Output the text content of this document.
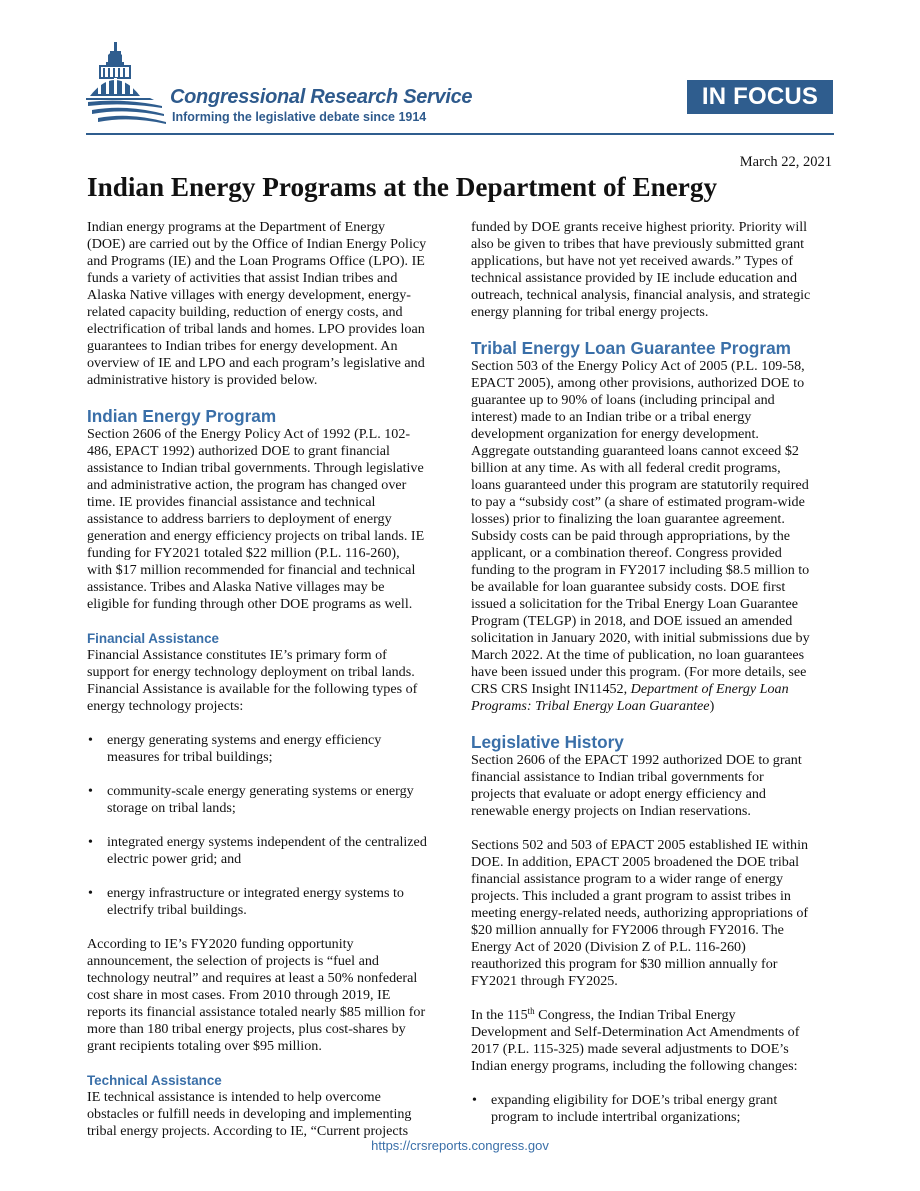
Congressional Research Service
Informing the legislative debate since 1914
IN FOCUS
March 22, 2021
Indian Energy Programs at the Department of Energy

Indian energy programs at the Department of Energy
(DOE) are carried out by the Office of Indian Energy Policy
and Programs (IE) and the Loan Programs Office (LPO). IE
funds a variety of activities that assist Indian tribes and
Alaska Native villages with energy development, energy-
related capacity building, reduction of energy costs, and
electrification of tribal lands and homes. LPO provides loan
guarantees to Indian tribes for energy development. An
overview of IE and LPO and each program’s legislative and
administrative history is provided below.

Indian Energy Program

Section 2606 of the Energy Policy Act of 1992 (P.L. 102-
486, EPACT 1992) authorized DOE to grant financial
assistance to Indian tribal governments. Through legislative
and administrative action, the program has changed over
time. IE provides financial assistance and technical
assistance to address barriers to deployment of energy
generation and energy efficiency projects on tribal lands. IE
funding for FY2021 totaled $22 million (P.L. 116-260),
with $17 million recommended for financial and technical
assistance. Tribes and Alaska Native villages may be
eligible for funding through other DOE programs as well.

Financial Assistance

Financial Assistance constitutes IE’s primary form of
support for energy technology deployment on tribal lands.
Financial Assistance is available for the following types of
energy technology projects:

• energy generating systems and energy efficiency
measures for tribal buildings;
• community-scale energy generating systems or energy
storage on tribal lands;
• integrated energy systems independent of the centralized
electric power grid; and
• energy infrastructure or integrated energy systems to
electrify tribal buildings.

According to IE’s FY2020 funding opportunity
announcement, the selection of projects is “fuel and
technology neutral” and requires at least a 50% nonfederal
cost share in most cases. From 2010 through 2019, IE
reports its financial assistance totaled nearly $85 million for
more than 180 tribal energy projects, plus cost-shares by
grant recipients totaling over $95 million.

Technical Assistance

IE technical assistance is intended to help overcome
obstacles or fulfill needs in developing and implementing
tribal energy projects. According to IE, “Current projects

funded by DOE grants receive highest priority. Priority will
also be given to tribes that have previously submitted grant
applications, but have not yet received awards.” Types of
technical assistance provided by IE include education and
outreach, technical analysis, financial analysis, and strategic
energy planning for tribal energy projects.

Tribal Energy Loan Guarantee Program

Section 503 of the Energy Policy Act of 2005 (P.L. 109-58,
EPACT 2005), among other provisions, authorized DOE to
guarantee up to 90% of loans (including principal and
interest) made to an Indian tribe or a tribal energy
development organization for energy development.
Aggregate outstanding guaranteed loans cannot exceed $2
billion at any time. As with all federal credit programs,
loans guaranteed under this program are statutorily required
to pay a “subsidy cost” (a share of estimated program-wide
losses) prior to finalizing the loan guarantee agreement.
Subsidy costs can be paid through appropriations, by the
applicant, or a combination thereof. Congress provided
funding to the program in FY2017 including $8.5 million to
be available for loan guarantee subsidy costs. DOE first
issued a solicitation for the Tribal Energy Loan Guarantee
Program (TELGP) in 2018, and DOE issued an amended
solicitation in January 2020, with initial submissions due by
March 2022. At the time of publication, no loan guarantees
have been issued under this program. (For more details, see
CRS CRS Insight IN11452, Department of Energy Loan
Programs: Tribal Energy Loan Guarantee)

Legislative History

Section 2606 of the EPACT 1992 authorized DOE to grant
financial assistance to Indian tribal governments for
projects that evaluate or adopt energy efficiency and
renewable energy projects on Indian reservations.

Sections 502 and 503 of EPACT 2005 established IE within
DOE. In addition, EPACT 2005 broadened the DOE tribal
financial assistance program to a wider range of energy
projects. This included a grant program to assist tribes in
meeting energy-related needs, authorizing appropriations of
$20 million annually for FY2006 through FY2016. The
Energy Act of 2020 (Division Z of P.L. 116-260)
reauthorized this program for $30 million annually for
FY2021 through FY2025.

In the 115th Congress, the Indian Tribal Energy
Development and Self-Determination Act Amendments of
2017 (P.L. 115-325) made several adjustments to DOE’s
Indian energy programs, including the following changes:

• expanding eligibility for DOE’s tribal energy grant
program to include intertribal organizations;
https://crsreports.congress.gov
